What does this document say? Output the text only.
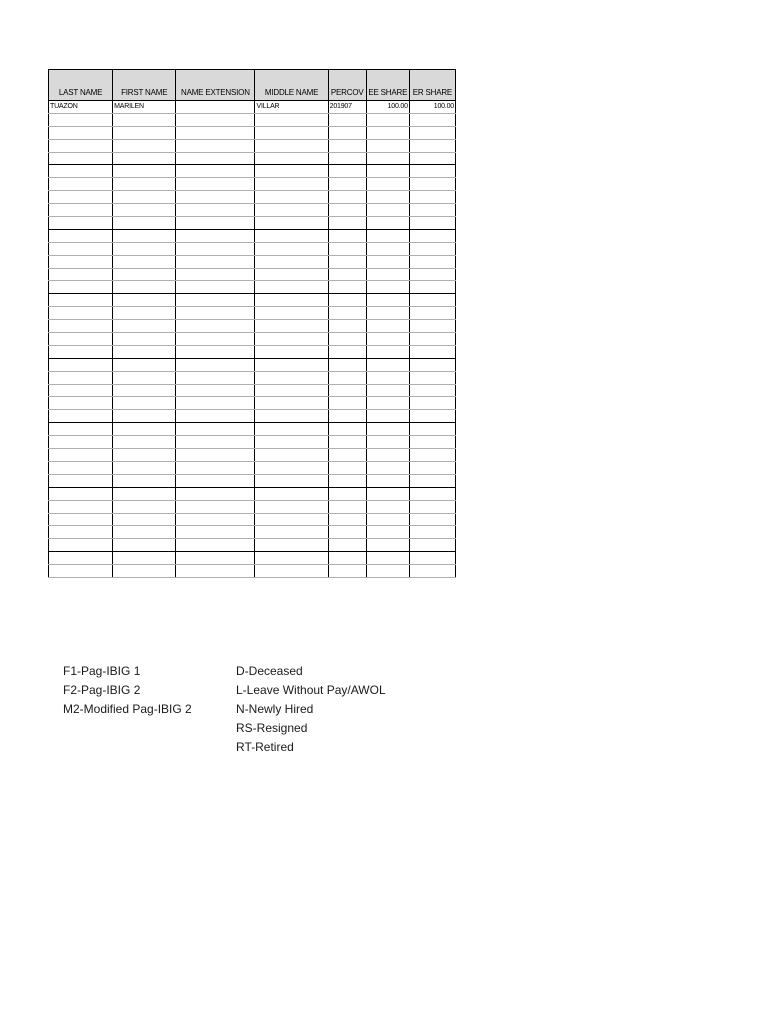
LAST NAME	FIRST NAME	NAME EXTENSION	MIDDLE NAME	PERCOV	EE SHARE	ER SHARE
TUAZON	MARILEN		VILLAR	201907	100.00	100.00

F1-Pag-IBIG 1
F2-Pag-IBIG 2
M2-Modified Pag-IBIG 2
D-Deceased
L-Leave Without Pay/AWOL
N-Newly Hired
RS-Resigned
RT-Retired
